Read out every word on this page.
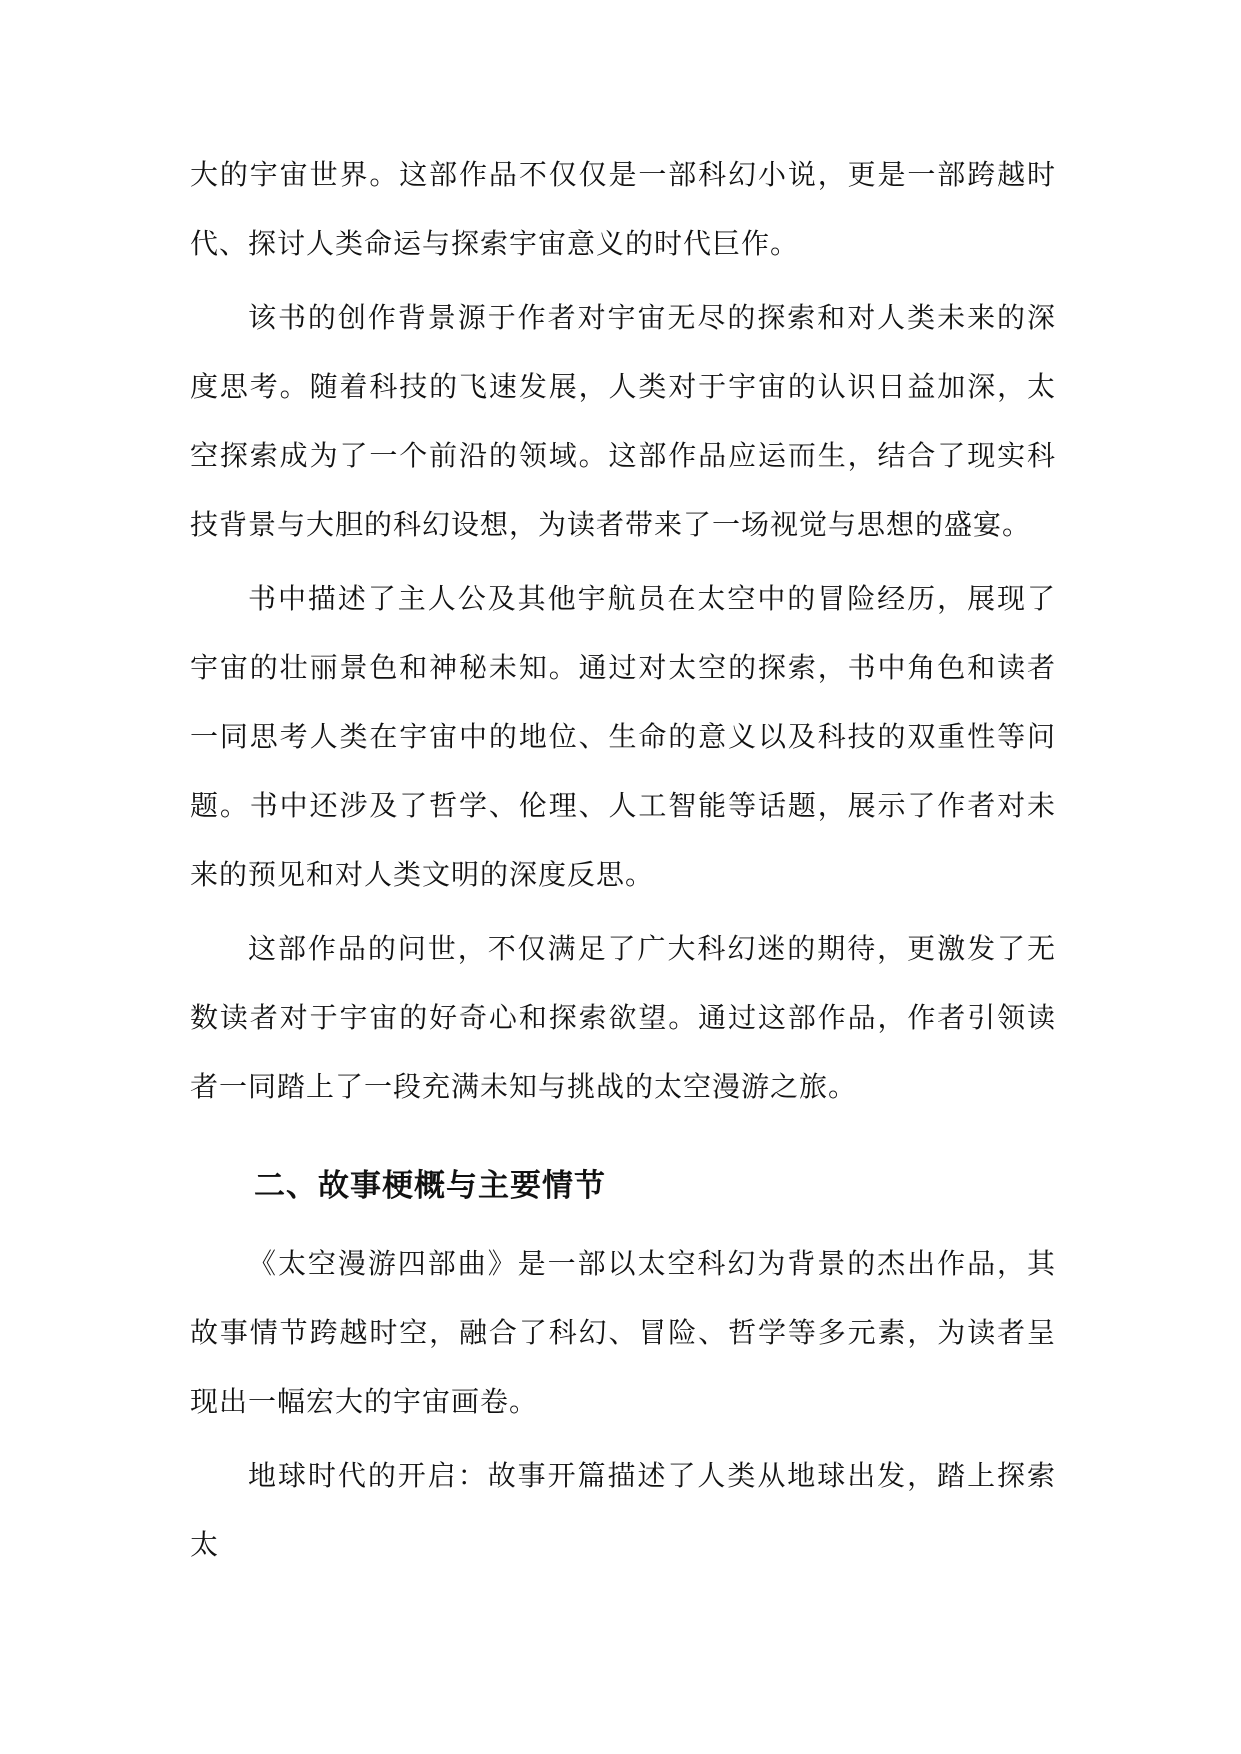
大的宇宙世界。这部作品不仅仅是一部科幻小说，更是一部跨越时代、探讨人类命运与探索宇宙意义的时代巨作。

该书的创作背景源于作者对宇宙无尽的探索和对人类未来的深度思考。随着科技的飞速发展，人类对于宇宙的认识日益加深，太空探索成为了一个前沿的领域。这部作品应运而生，结合了现实科技背景与大胆的科幻设想，为读者带来了一场视觉与思想的盛宴。

书中描述了主人公及其他宇航员在太空中的冒险经历，展现了宇宙的壮丽景色和神秘未知。通过对太空的探索，书中角色和读者一同思考人类在宇宙中的地位、生命的意义以及科技的双重性等问题。书中还涉及了哲学、伦理、人工智能等话题，展示了作者对未来的预见和对人类文明的深度反思。

这部作品的问世，不仅满足了广大科幻迷的期待，更激发了无数读者对于宇宙的好奇心和探索欲望。通过这部作品，作者引领读者一同踏上了一段充满未知与挑战的太空漫游之旅。

二、故事梗概与主要情节

《太空漫游四部曲》是一部以太空科幻为背景的杰出作品，其故事情节跨越时空，融合了科幻、冒险、哲学等多元素，为读者呈现出一幅宏大的宇宙画卷。

地球时代的开启：故事开篇描述了人类从地球出发，踏上探索太
